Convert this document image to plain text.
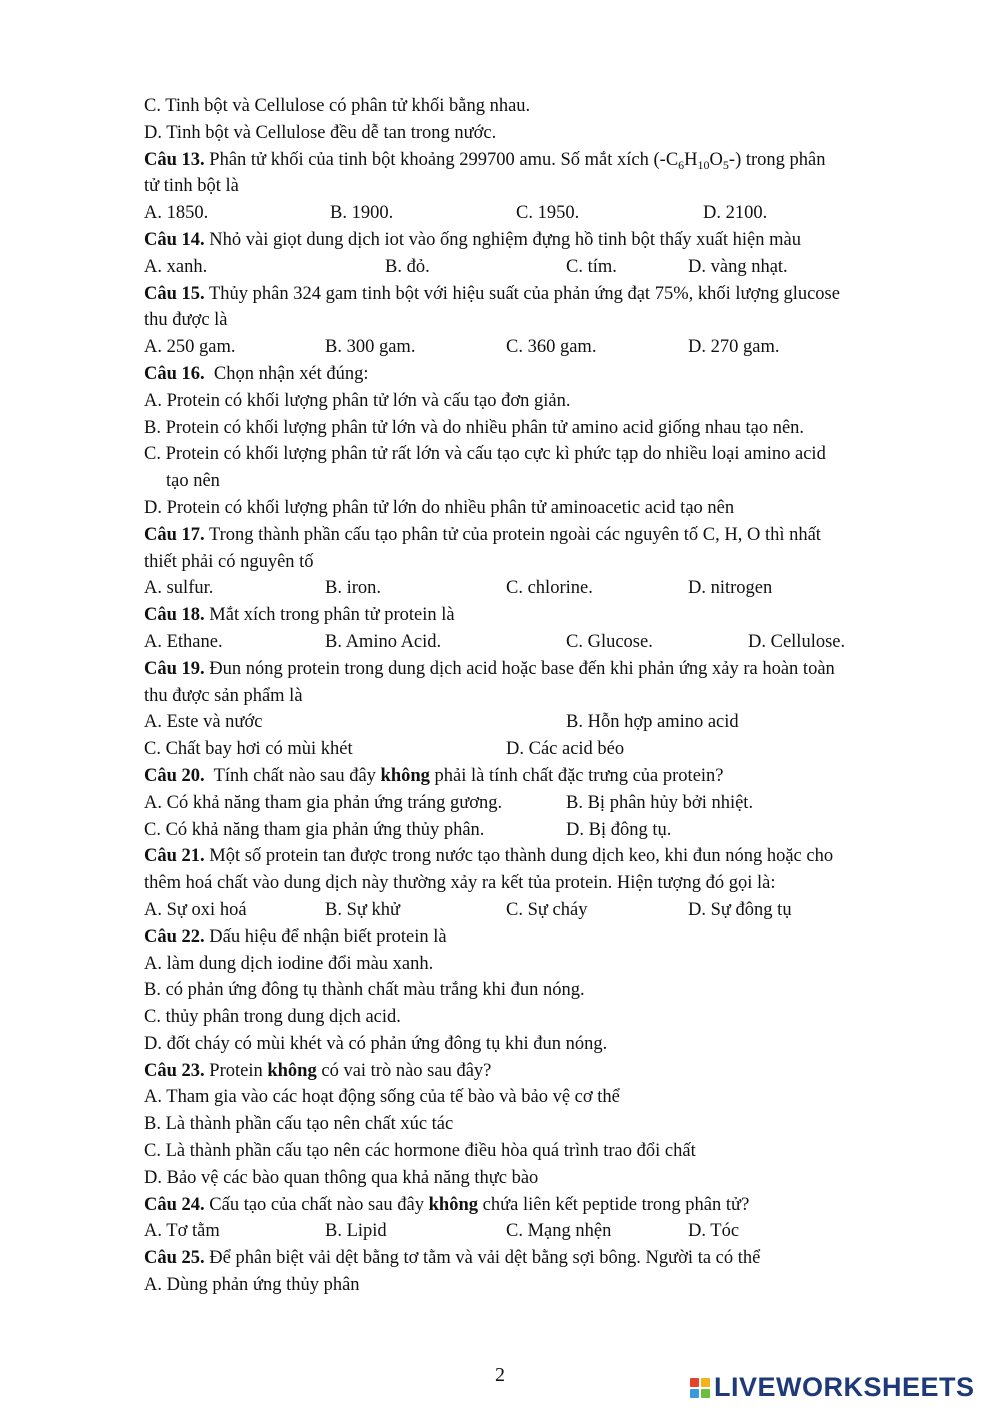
C. Tinh bột và Cellulose có phân tử khối bằng nhau.
D. Tinh bột và Cellulose đều dễ tan trong nước.
Câu 13. Phân tử khối của tinh bột khoảng 299700 amu. Số mắt xích $(-C_6H_{10}O_5-)$ trong phân
tử tinh bột là
A. 1850.	B. 1900.	C. 1950.	D. 2100.
Câu 14. Nhỏ vài giọt dung dịch iot vào ống nghiệm đựng hồ tinh bột thấy xuất hiện màu
A. xanh.	B. đỏ.	C. tím.	D. vàng nhạt.
Câu 15. Thủy phân 324 gam tinh bột với hiệu suất của phản ứng đạt 75%, khối lượng glucose
thu được là
A. 250 gam.	B. 300 gam.	C. 360 gam.	D. 270 gam.
Câu 16.  Chọn nhận xét đúng:
A. Protein có khối lượng phân tử lớn và cấu tạo đơn giản.
B. Protein có khối lượng phân tử lớn và do nhiều phân tử amino acid giống nhau tạo nên.
C. Protein có khối lượng phân tử rất lớn và cấu tạo cực kì phức tạp do nhiều loại amino acid
tạo nên
D. Protein có khối lượng phân tử lớn do nhiều phân tử aminoacetic acid tạo nên
Câu 17. Trong thành phần cấu tạo phân tử của protein ngoài các nguyên tố C, H, O thì nhất
thiết phải có nguyên tố
A. sulfur.	B. iron.	C. chlorine.	D. nitrogen
Câu 18. Mắt xích trong phân tử protein là
A. Ethane.	B. Amino Acid.	C. Glucose.	D. Cellulose.
Câu 19. Đun nóng protein trong dung dịch acid hoặc base đến khi phản ứng xảy ra hoàn toàn
thu được sản phẩm là
A. Este và nước	B. Hỗn hợp amino acid
C. Chất bay hơi có mùi khét	D. Các acid béo
Câu 20.  Tính chất nào sau đây không phải là tính chất đặc trưng của protein?
A. Có khả năng tham gia phản ứng tráng gương.	B. Bị phân hủy bởi nhiệt.
C. Có khả năng tham gia phản ứng thủy phân.	D. Bị đông tụ.
Câu 21. Một số protein tan được trong nước tạo thành dung dịch keo, khi đun nóng hoặc cho
thêm hoá chất vào dung dịch này thường xảy ra kết tủa protein. Hiện tượng đó gọi là:
A. Sự oxi hoá	B. Sự khử	C. Sự cháy	D. Sự đông tụ
Câu 22. Dấu hiệu để nhận biết protein là
A. làm dung dịch iodine đổi màu xanh.
B. có phản ứng đông tụ thành chất màu trắng khi đun nóng.
C. thủy phân trong dung dịch acid.
D. đốt cháy có mùi khét và có phản ứng đông tụ khi đun nóng.
Câu 23. Protein không có vai trò nào sau đây?
A. Tham gia vào các hoạt động sống của tế bào và bảo vệ cơ thể
B. Là thành phần cấu tạo nên chất xúc tác
C. Là thành phần cấu tạo nên các hormone điều hòa quá trình trao đổi chất
D. Bảo vệ các bào quan thông qua khả năng thực bào
Câu 24. Cấu tạo của chất nào sau đây không chứa liên kết peptide trong phân tử?
A. Tơ tằm	B. Lipid	C. Mạng nhện	D. Tóc
Câu 25. Để phân biệt vải dệt bằng tơ tằm và vải dệt bằng sợi bông. Người ta có thể
A. Dùng phản ứng thủy phân
2	LIVEWORKSHEETS
